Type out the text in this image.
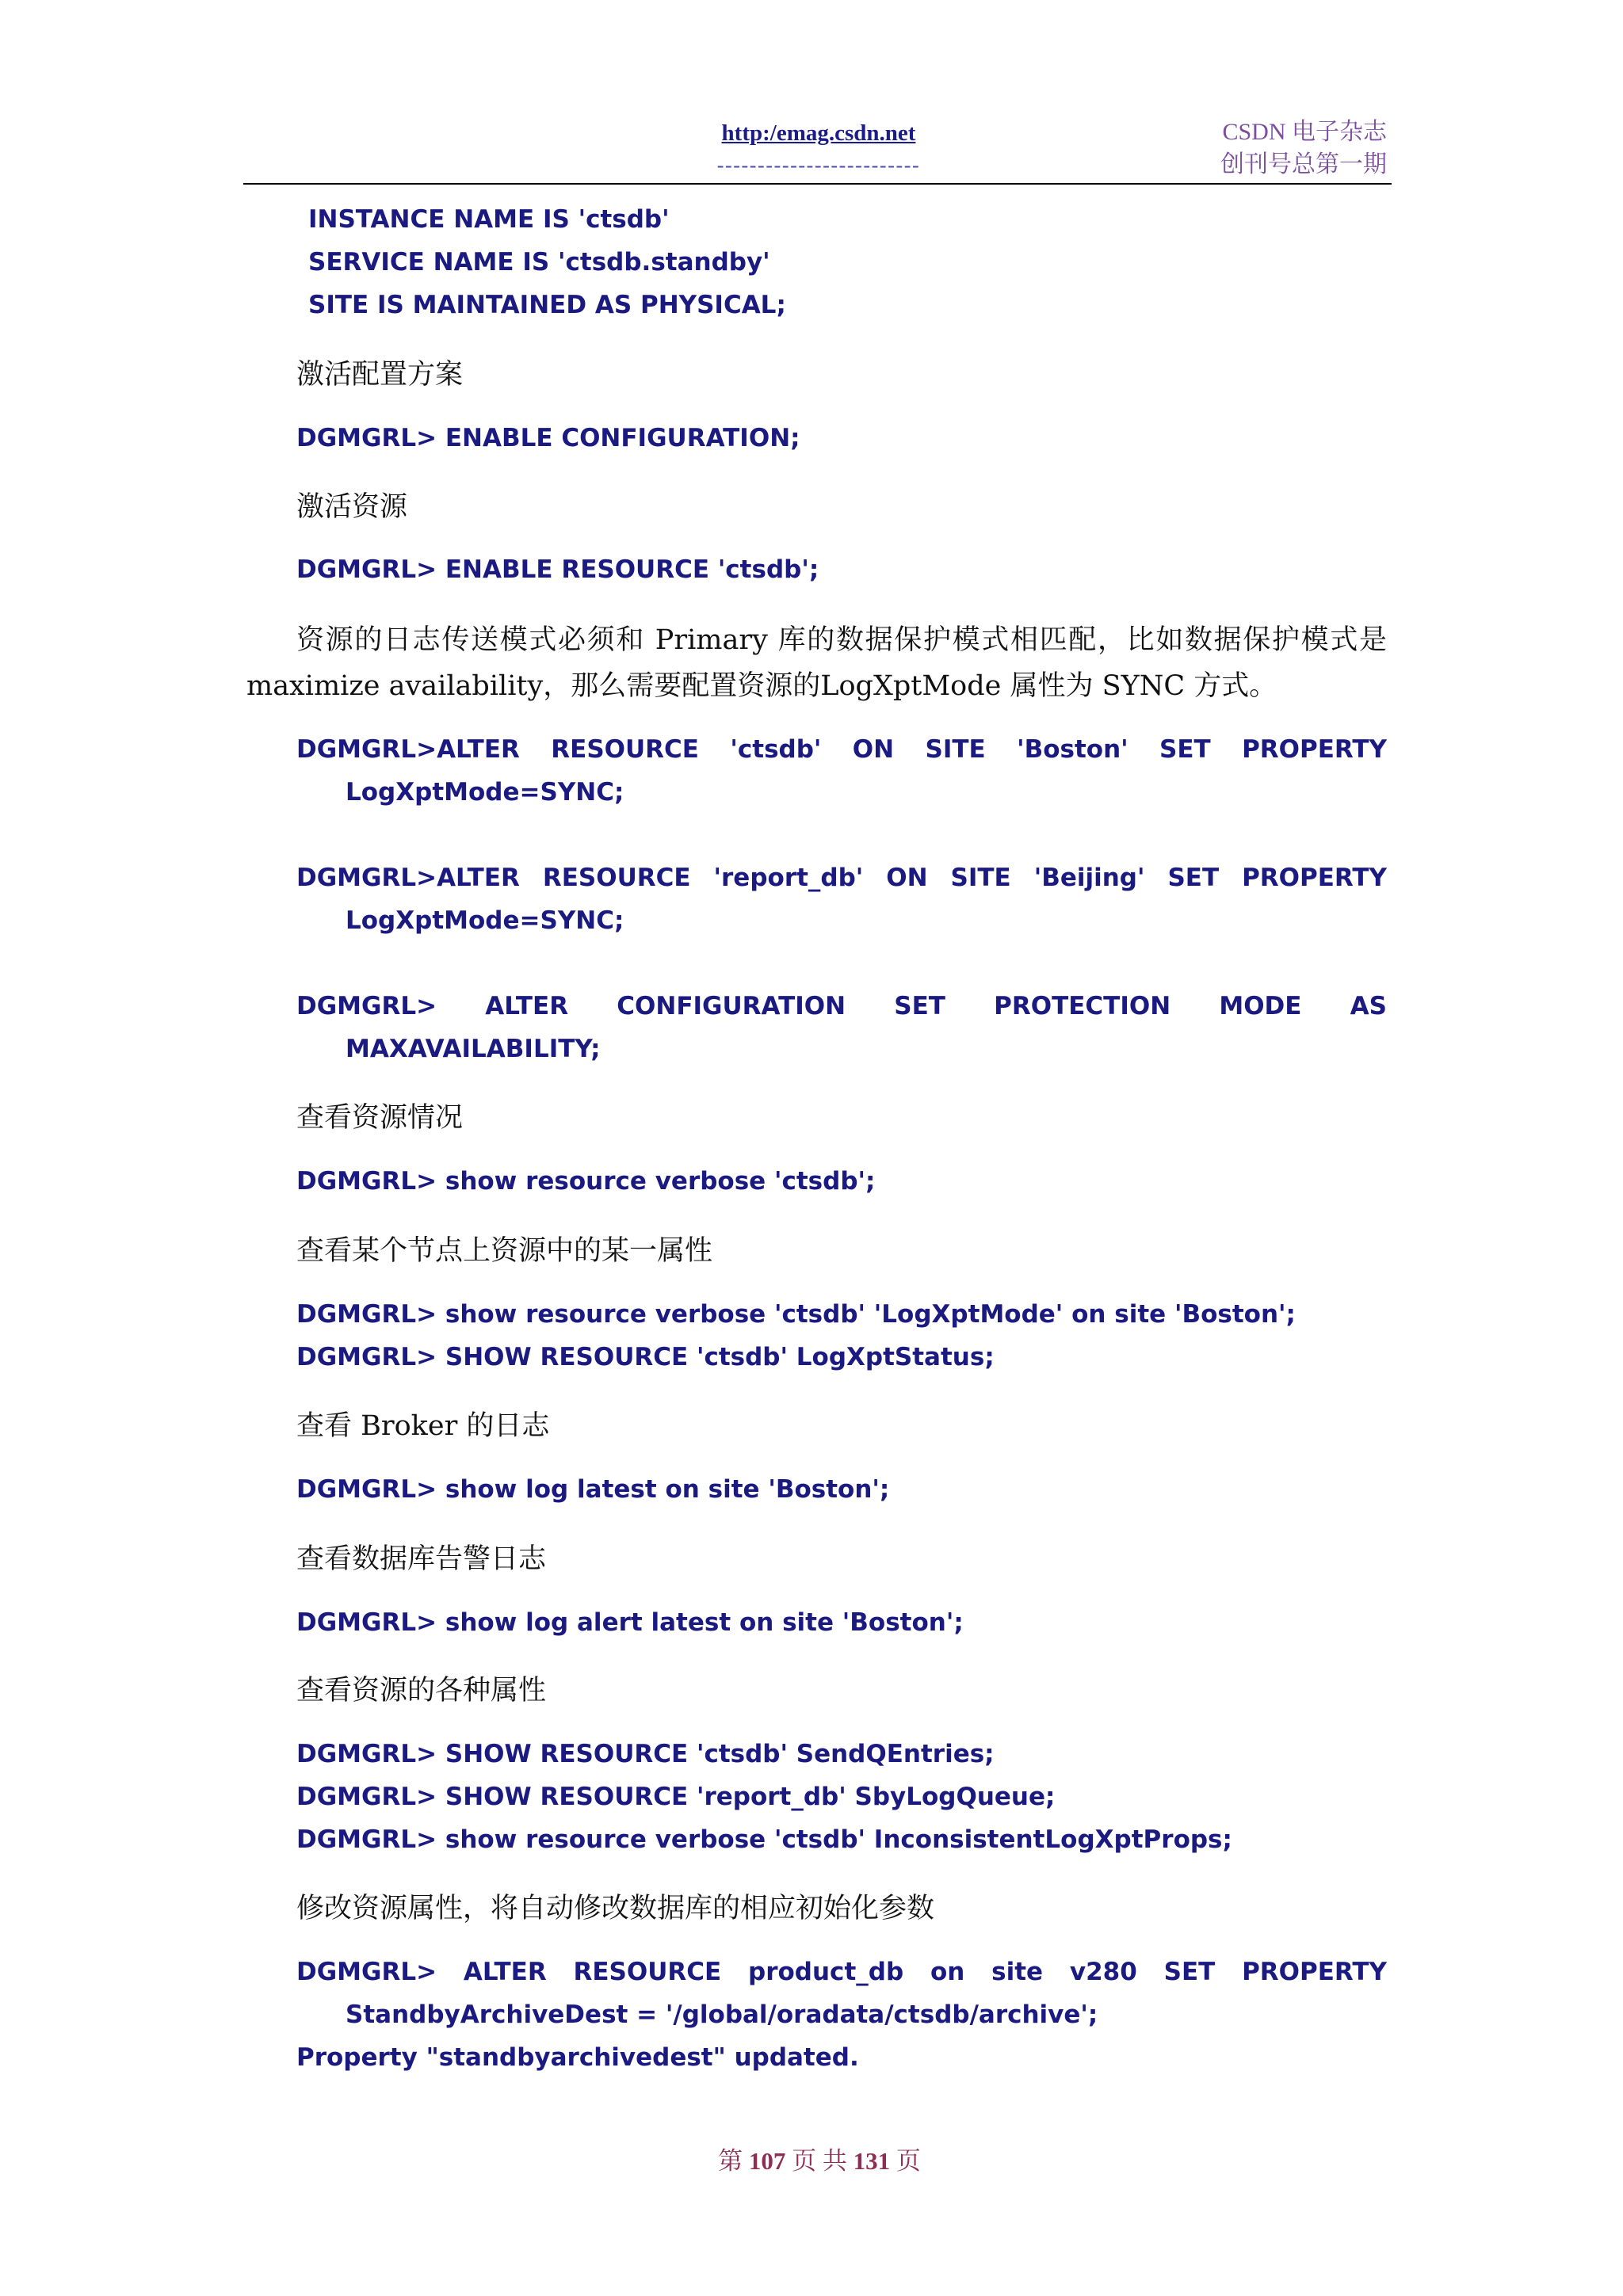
http:/emag.csdn.net
-------------------------
CSDN 电子杂志
创刊号总第一期
INSTANCE NAME IS 'ctsdb'
SERVICE NAME IS 'ctsdb.standby'
SITE IS MAINTAINED AS PHYSICAL;
激活配置方案
DGMGRL> ENABLE CONFIGURATION;
激活资源
DGMGRL> ENABLE RESOURCE 'ctsdb';
资源的日志传送模式必须和 Primary 库的数据保护模式相匹配，比如数据保护模式是
maximize availability，那么需要配置资源的LogXptMode 属性为 SYNC 方式。
DGMGRL>ALTER RESOURCE 'ctsdb' ON SITE 'Boston' SET PROPERTY
LogXptMode=SYNC;
DGMGRL>ALTER RESOURCE 'report_db' ON SITE 'Beijing' SET PROPERTY
LogXptMode=SYNC;
DGMGRL> ALTER CONFIGURATION SET PROTECTION MODE AS
MAXAVAILABILITY;
查看资源情况
DGMGRL> show resource verbose 'ctsdb';
查看某个节点上资源中的某一属性
DGMGRL> show resource verbose 'ctsdb' 'LogXptMode' on site 'Boston';
DGMGRL> SHOW RESOURCE 'ctsdb' LogXptStatus;
查看 Broker 的日志
DGMGRL> show log latest on site 'Boston';
查看数据库告警日志
DGMGRL> show log alert latest on site 'Boston';
查看资源的各种属性
DGMGRL> SHOW RESOURCE 'ctsdb' SendQEntries;
DGMGRL> SHOW RESOURCE 'report_db' SbyLogQueue;
DGMGRL> show resource verbose 'ctsdb' InconsistentLogXptProps;
修改资源属性，将自动修改数据库的相应初始化参数
DGMGRL> ALTER RESOURCE product_db on site v280 SET PROPERTY
StandbyArchiveDest = '/global/oradata/ctsdb/archive';
Property "standbyarchivedest" updated.
第 107 页 共 131 页
